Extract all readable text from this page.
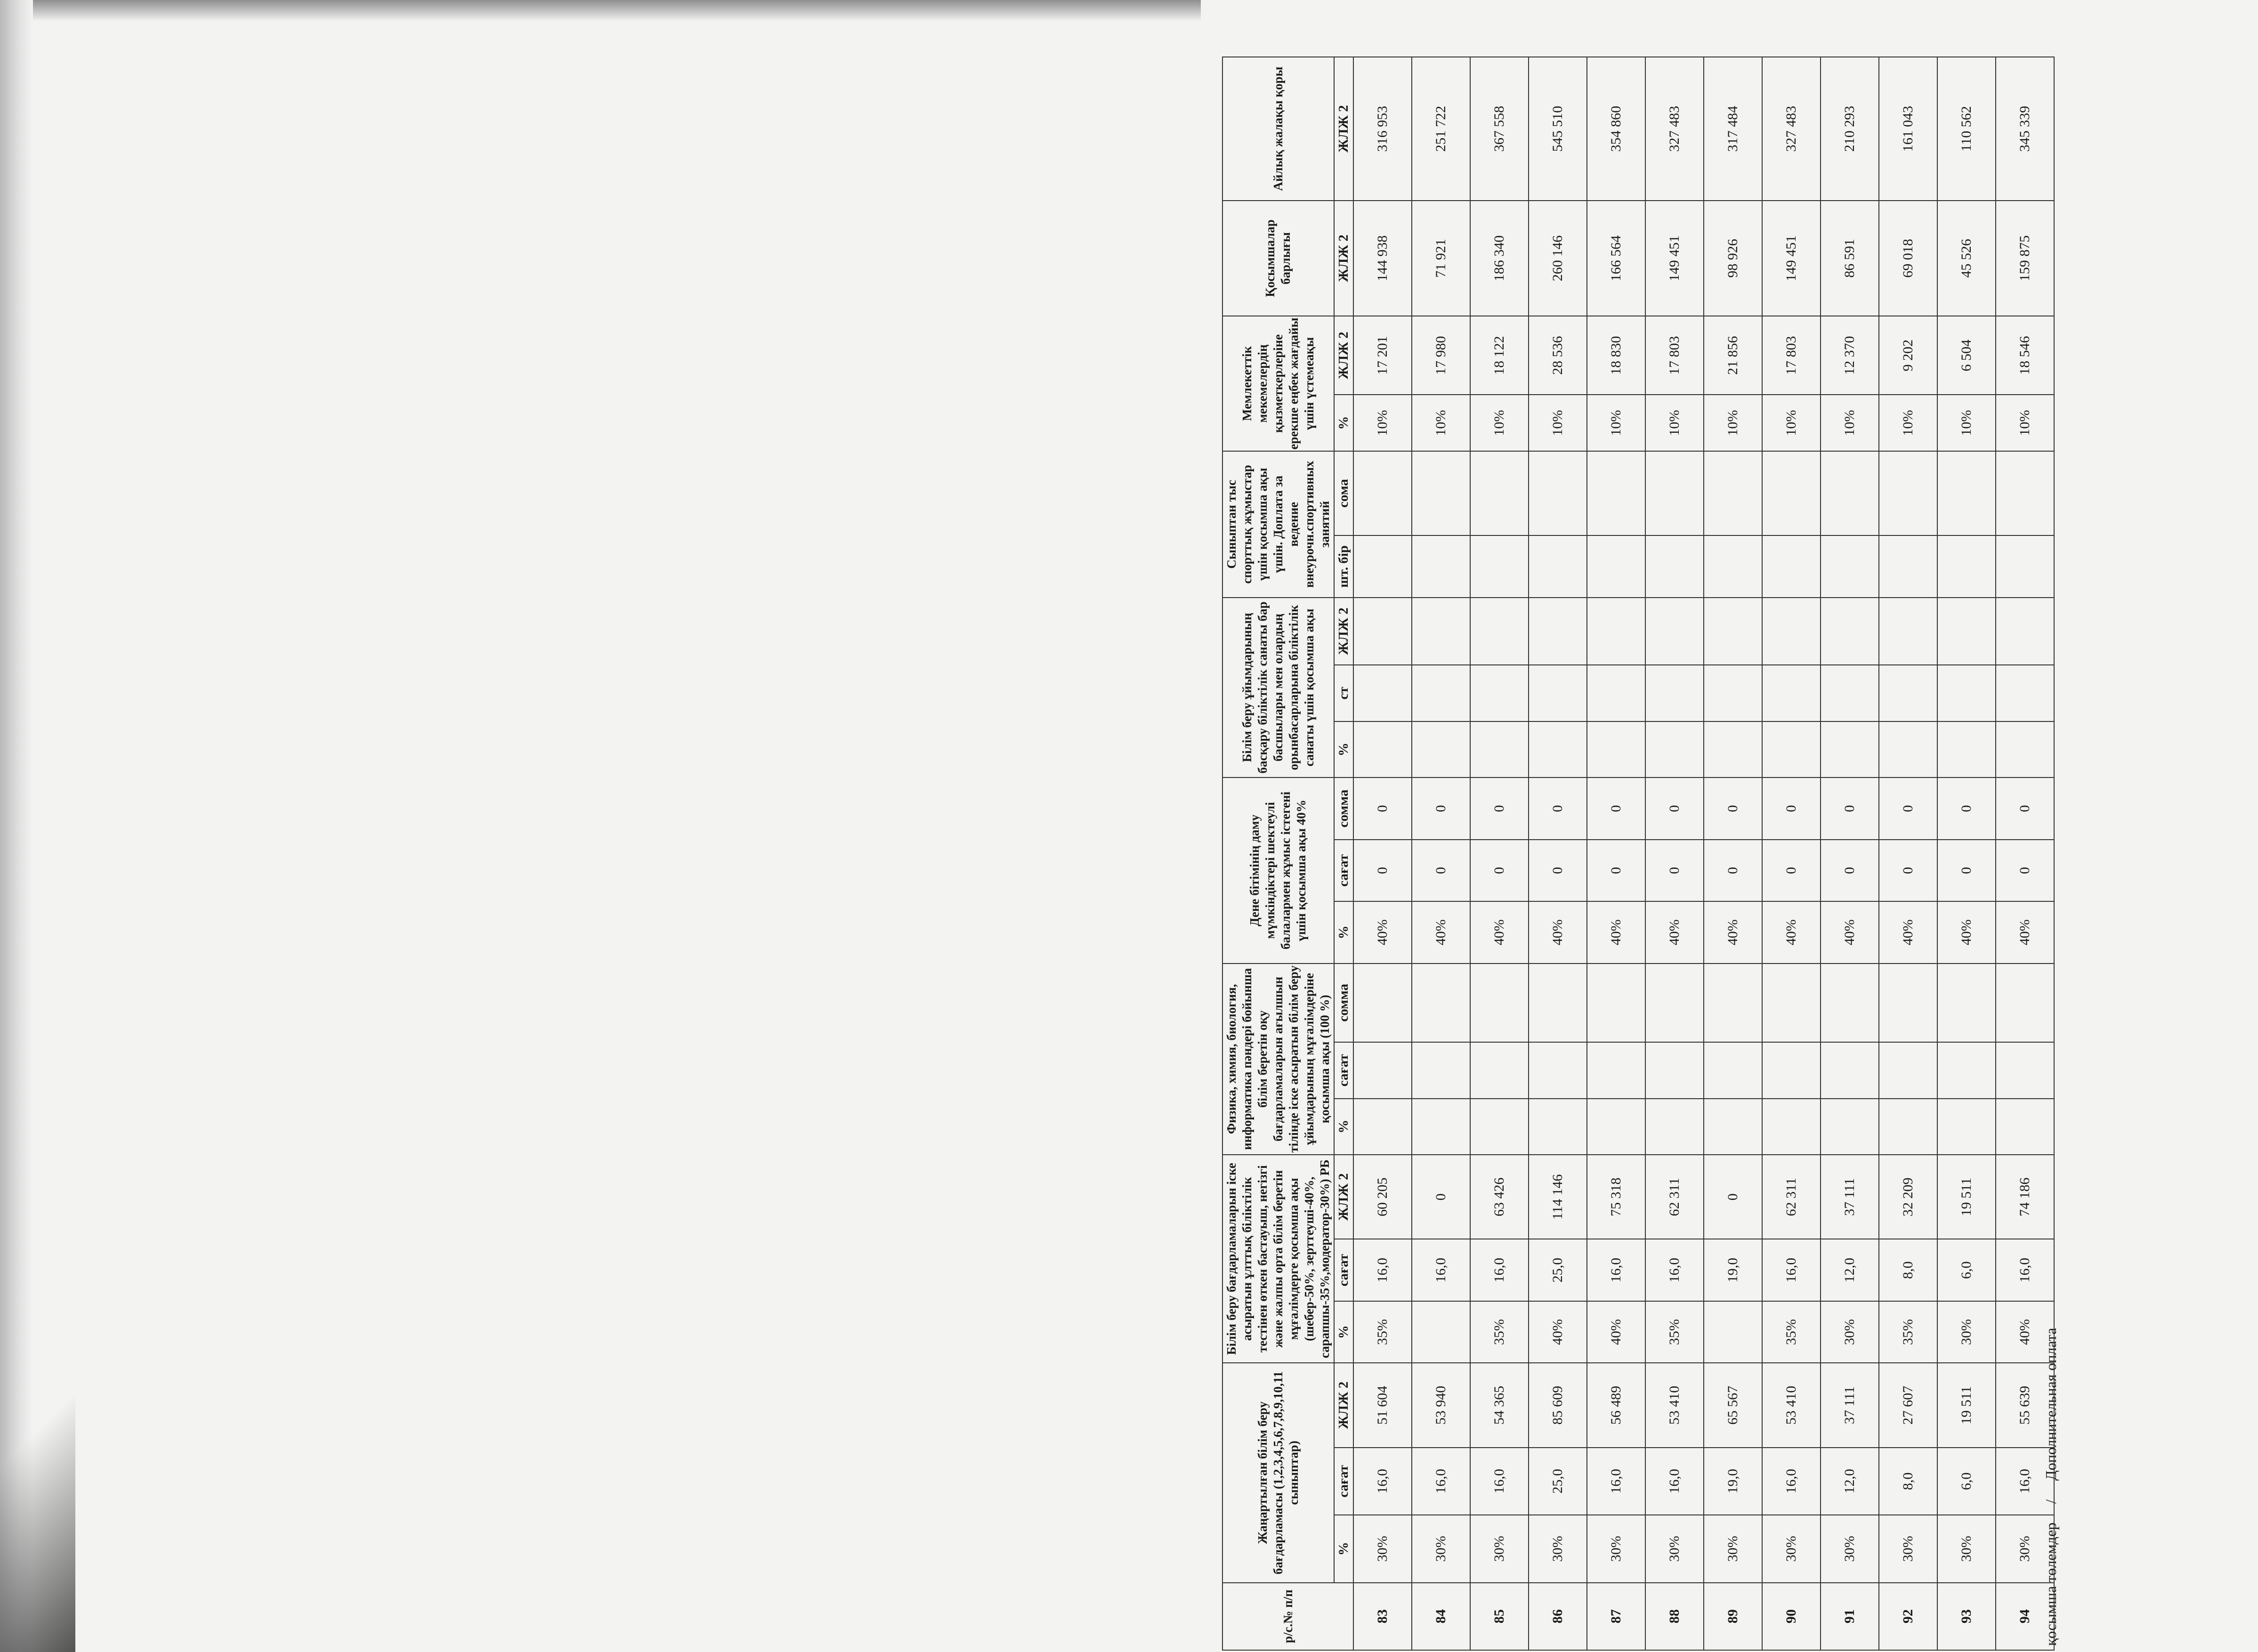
қосымша төлемдер
/
Дополнительная оплата
р/с.№ п/п	Жаңартылған білім беру бағдарламасы (1,2,3,4,5,6,7,8,9,10,11 сыныптар)			Білім беру бағдарламаларын іске асыратын ұлттық біліктілік тестінен өткен бастауыш, негізгі және жалпы орта білім беретін мұғалімдерге қосымша ақы (шебер-50%, зерттеуші-40%, сарапшы-35%,модератор-30%) РБ			Физика, химия, биология, информатика пәндері бойынша білім беретін оқу бағдарламаларын ағылшын тілінде іске асыратын білім беру ұйымдарының мұғалімдеріне қосымша ақы (100 %)			Дене бітімінің даму мүмкіндіктері шектеулі балалармен жұмыс істегені үшін қосымша ақы 40%			Білім беру ұйымдарының басқару біліктілік санаты бар басшылары мен олардың орынбасарларына біліктілік санаты үшін қосымша ақы			Сыныптан тыс спорттық жұмыстар үшін қосымша ақы үшін. Доплата за ведение внеурочн.спортивных занятий		Мемлекеттік мекемелердің қызметкерлеріне ерекше еңбек жағдайы үшін үстемеақы		Қосымшалар барлығы	Айлық жалақы қоры
	%	сағат	ЖЛЖ 2	%	сағат	ЖЛЖ 2	%	сағат	сомма	%	сағат	сомма	%	ст	ЖЛЖ 2	шт. бір	сома	%	ЖЛЖ 2	ЖЛЖ 2	ЖЛЖ 2
83	30%	16,0	51 604	35%	16,0	60 205				40%	0	0						10%	17 201	144 938	316 953
84	30%	16,0	53 940		16,0	0				40%	0	0						10%	17 980	71 921	251 722
85	30%	16,0	54 365	35%	16,0	63 426				40%	0	0						10%	18 122	186 340	367 558
86	30%	25,0	85 609	40%	25,0	114 146				40%	0	0						10%	28 536	260 146	545 510
87	30%	16,0	56 489	40%	16,0	75 318				40%	0	0						10%	18 830	166 564	354 860
88	30%	16,0	53 410	35%	16,0	62 311				40%	0	0						10%	17 803	149 451	327 483
89	30%	19,0	65 567		19,0	0				40%	0	0						10%	21 856	98 926	317 484
90	30%	16,0	53 410	35%	16,0	62 311				40%	0	0						10%	17 803	149 451	327 483
91	30%	12,0	37 111	30%	12,0	37 111				40%	0	0						10%	12 370	86 591	210 293
92	30%	8,0	27 607	35%	8,0	32 209				40%	0	0						10%	9 202	69 018	161 043
93	30%	6,0	19 511	30%	6,0	19 511				40%	0	0						10%	6 504	45 526	110 562
94	30%	16,0	55 639	40%	16,0	74 186				40%	0	0						10%	18 546	159 875	345 339
